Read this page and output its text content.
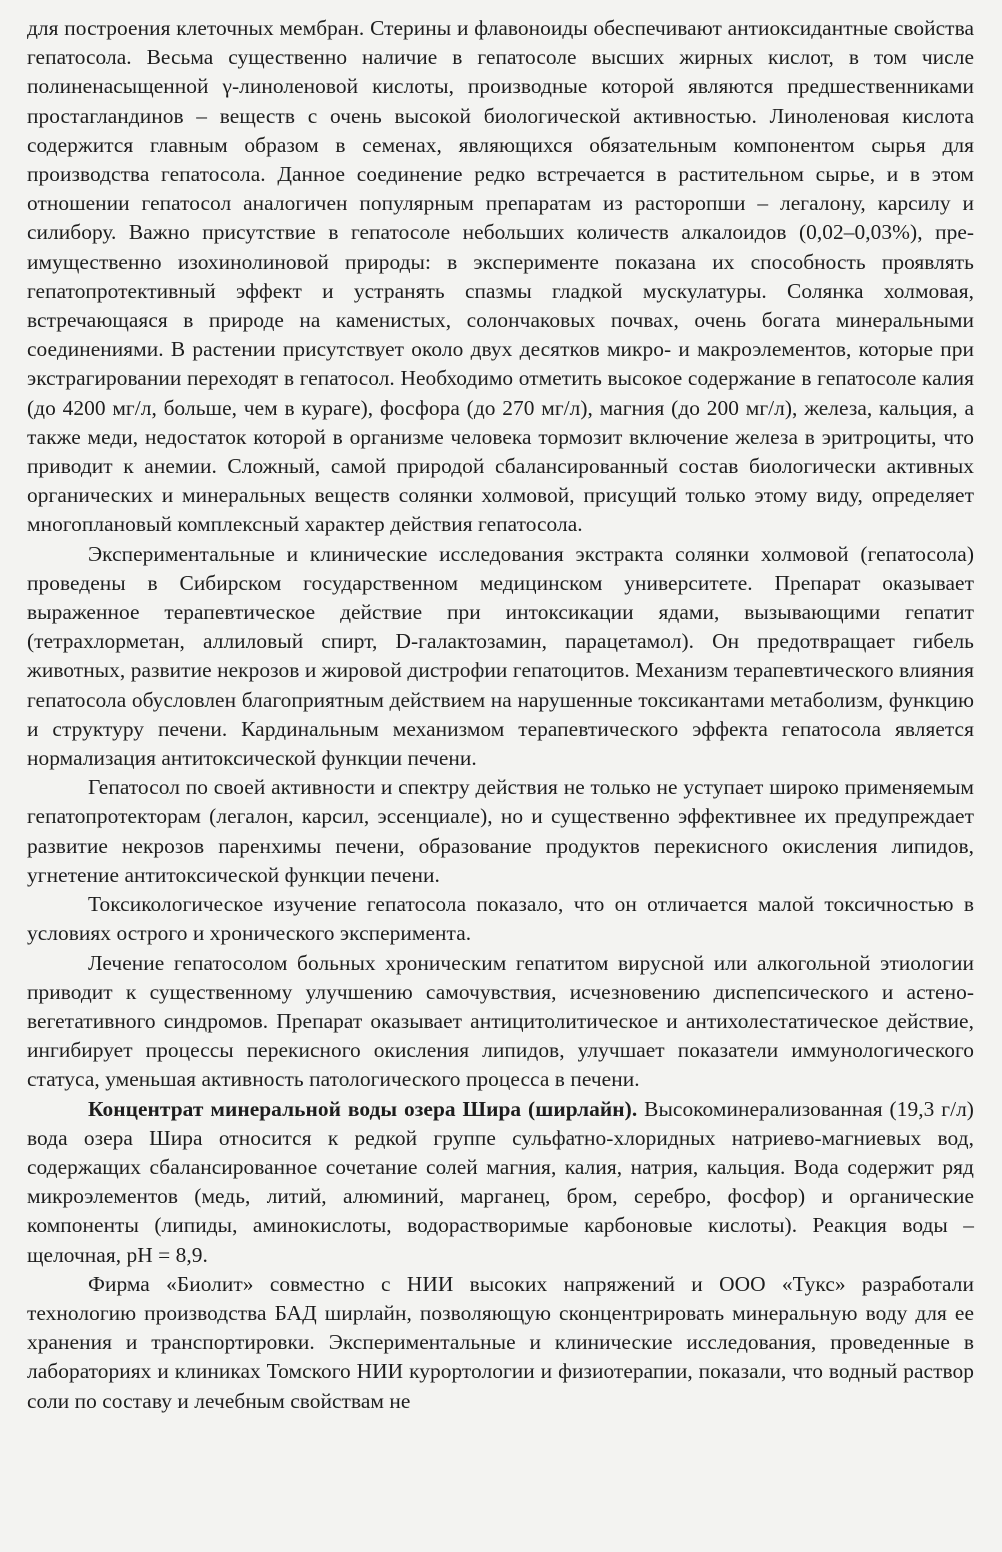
для построения клеточных мембран. Стерины и флавоноиды обеспечивают антиоксидантные свойства гепатосола. Весьма существенно наличие в гепатосоле высших жирных кислот, в том числе полиненасыщенной γ-линоленовой кислоты, производные которой являются предшественниками простагландинов – веществ с очень высокой биологической активностью. Линоленовая кислота содержится главным образом в семенах, являющихся обязательным компонентом сырья для производства гепатосола. Данное соединение редко встречается в растительном сырье, и в этом отношении гепатосол аналогичен популярным препаратам из расторопши – легалону, карсилу и силибору. Важно присутствие в гепатосоле небольших количеств алкалоидов (0,02–0,03%), преимущественно изохинолиновой природы: в эксперименте показана их способность проявлять гепатопротективный эффект и устранять спазмы гладкой мускулатуры. Солянка холмовая, встречающаяся в природе на каменистых, солончаковых почвах, очень богата минеральными соединениями. В растении присутствует около двух десятков микро- и макроэлементов, которые при экстрагировании переходят в гепатосол. Необходимо отметить высокое содержание в гепатосоле калия (до 4200 мг/л, больше, чем в кураге), фосфора (до 270 мг/л), магния (до 200 мг/л), железа, кальция, а также меди, недостаток которой в организме человека тормозит включение железа в эритроциты, что приводит к анемии. Сложный, самой природой сбалансированный состав биологически активных органических и минеральных веществ солянки холмовой, присущий только этому виду, определяет многоплановый комплексный характер действия гепатосола.

Экспериментальные и клинические исследования экстракта солянки холмовой (гепатосола) проведены в Сибирском государственном медицинском университете. Препарат оказывает выраженное терапевтическое действие при интоксикации ядами, вызывающими гепатит (тетрахлорметан, аллиловый спирт, D-галактозамин, парацетамол). Он предотвращает гибель животных, развитие некрозов и жировой дистрофии гепатоцитов. Механизм терапевтического влияния гепатосола обусловлен благоприятным действием на нарушенные токсикантами метаболизм, функцию и структуру печени. Кардинальным механизмом терапевтического эффекта гепатосола является нормализация антитоксической функции печени.

Гепатосол по своей активности и спектру действия не только не уступает широко применяемым гепатопротекторам (легалон, карсил, эссенциале), но и существенно эффективнее их предупреждает развитие некрозов паренхимы печени, образование продуктов перекисного окисления липидов, угнетение антитоксической функции печени.

Токсикологическое изучение гепатосола показало, что он отличается малой токсичностью в условиях острого и хронического эксперимента.

Лечение гепатосолом больных хроническим гепатитом вирусной или алкогольной этиологии приводит к существенному улучшению самочувствия, исчезновению диспепсического и астено-вегетативного синдромов. Препарат оказывает антицитолитическое и антихолестатическое действие, ингибирует процессы перекисного окисления липидов, улучшает показатели иммунологического статуса, уменьшая активность патологического процесса в печени.

Концентрат минеральной воды озера Шира (ширлайн). Высокоминерализованная (19,3 г/л) вода озера Шира относится к редкой группе сульфатно-хлоридных натриево-магниевых вод, содержащих сбалансированное сочетание солей магния, калия, натрия, кальция. Вода содержит ряд микроэлементов (медь, литий, алюминий, марганец, бром, серебро, фосфор) и органические компоненты (липиды, аминокислоты, водорастворимые карбоновые кислоты). Реакция воды – щелочная, pH = 8,9.

Фирма «Биолит» совместно с НИИ высоких напряжений и ООО «Тукс» разработали технологию производства БАД ширлайн, позволяющую сконцентрировать минеральную воду для ее хранения и транспортировки. Экспериментальные и клинические исследования, проведенные в лабораториях и клиниках Томского НИИ курортологии и физиотерапии, показали, что водный раствор соли по составу и лечебным свойствам не
